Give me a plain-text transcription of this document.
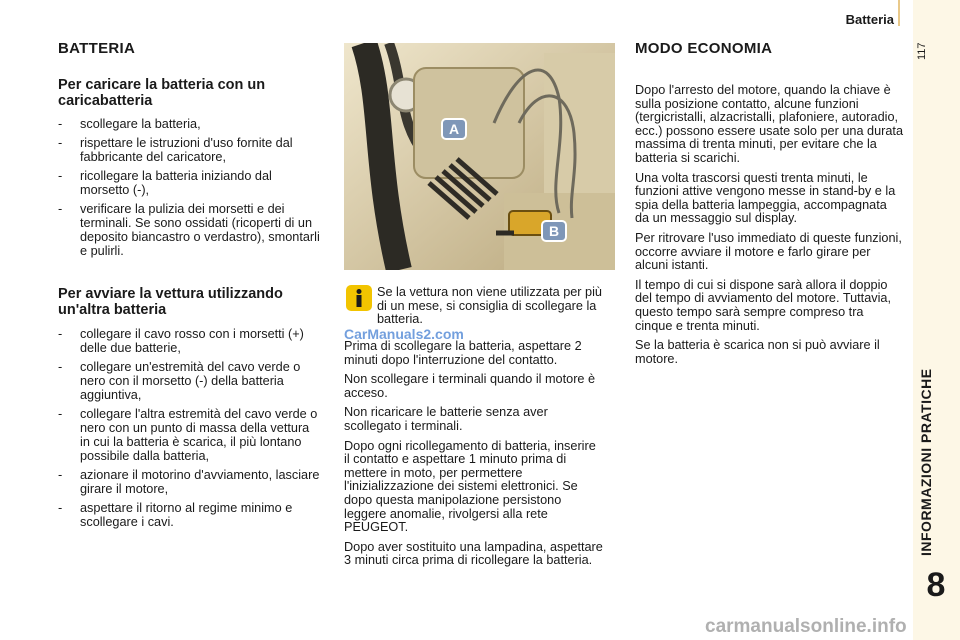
Batteria
117
INFORMAZIONI PRATICHE
8
BATTERIA
Per caricare la batteria con un caricabatteria
- scollegare la batteria,
- rispettare le istruzioni d'uso fornite dal fabbricante del caricatore,
- ricollegare la batteria iniziando dal morsetto (-),
- verificare la pulizia dei morsetti e dei terminali. Se sono ossidati (ricoperti di un deposito biancastro o verdastro), smontarli e pulirli.
Per avviare la vettura utilizzando un'altra batteria
- collegare il cavo rosso con i morsetti (+) delle due batterie,
- collegare un'estremità del cavo verde o nero con il morsetto (-) della batteria aggiuntiva,
- collegare l'altra estremità del cavo verde o nero con un punto di massa della vettura in cui la batteria è scarica, il più lontano possibile dalla batteria,
- azionare il motorino d'avviamento, lasciare girare il motore,
- aspettare il ritorno al regime minimo e scollegare i cavi.
A
B
Se la vettura non viene utilizzata per più di un mese, si consiglia di scollegare la batteria.
CarManuals2.com

Prima di scollegare la batteria, aspettare 2 minuti dopo l'interruzione del contatto.

Non scollegare i terminali quando il motore è acceso.

Non ricaricare le batterie senza aver scollegato i terminali.

Dopo ogni ricollegamento di batteria, inserire il contatto e aspettare 1 minuto prima di mettere in moto, per permettere l'inizializzazione dei sistemi elettronici. Se dopo questa manipolazione persistono leggere anomalie, rivolgersi alla rete PEUGEOT.

Dopo aver sostituito una lampadina, aspettare 3 minuti circa prima di ricollegare la batteria.

MODO ECONOMIA

Dopo l'arresto del motore, quando la chiave è sulla posizione contatto, alcune funzioni (tergicristalli, alzacristalli, plafoniere, autoradio, ecc.) possono essere usate solo per una durata massima di trenta minuti, per evitare che la batteria si scarichi.

Una volta trascorsi questi trenta minuti, le funzioni attive vengono messe in stand-by e la spia della batteria lampeggia, accompagnata da un messaggio sul display.

Per ritrovare l'uso immediato di queste funzioni, occorre avviare il motore e farlo girare per alcuni istanti.

Il tempo di cui si dispone sarà allora il doppio del tempo di avviamento del motore. Tuttavia, questo tempo sarà sempre compreso tra cinque e trenta minuti.

Se la batteria è scarica non si può avviare il motore.

carmanualsonline.info
